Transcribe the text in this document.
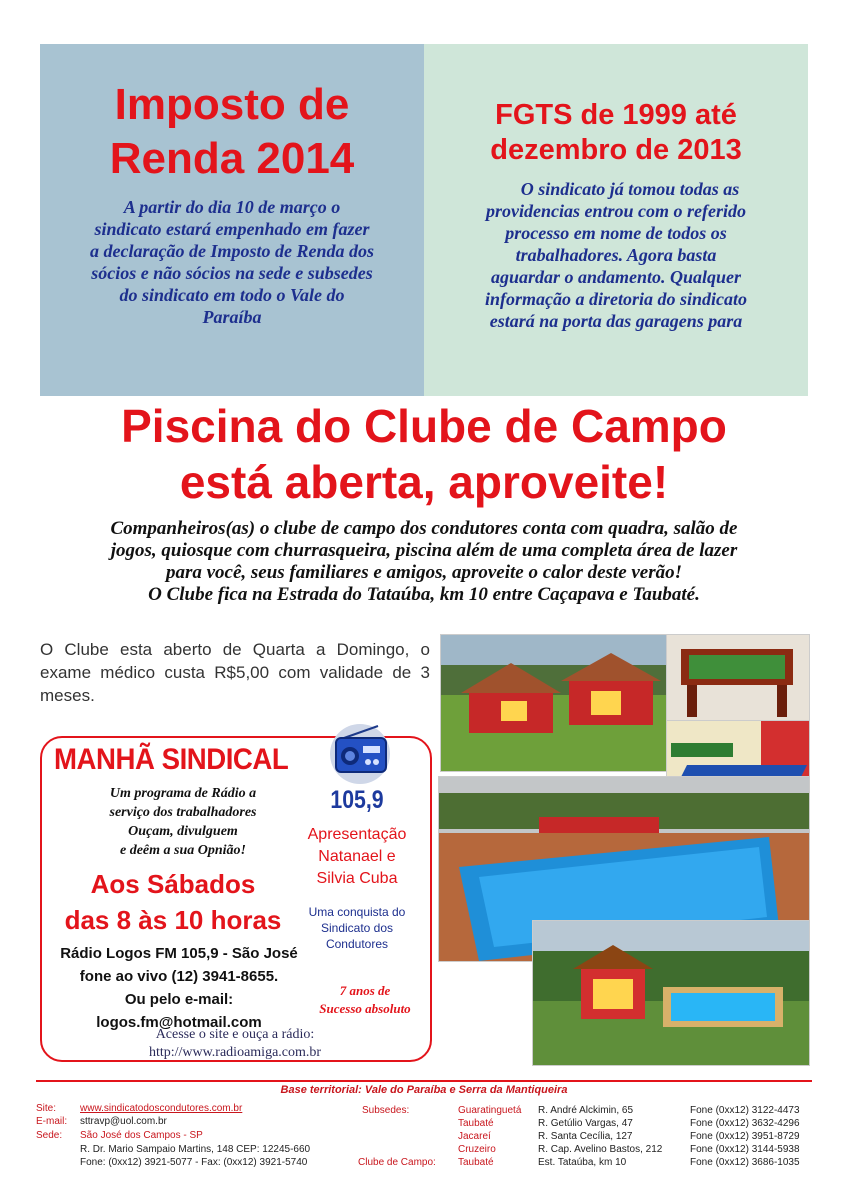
Imposto de
Renda 2014
A partir do dia 10 de março o
sindicato estará empenhado em fazer
a declaração de Imposto de Renda dos
sócios e não sócios na sede e subsedes
do sindicato em todo o Vale do
Paraíba
FGTS de 1999 até
dezembro de 2013
O sindicato já tomou todas as
providencias entrou com o referido
processo em nome de todos os
trabalhadores. Agora basta
aguardar o andamento. Qualquer
informação a diretoria do sindicato
estará na porta das garagens para
Piscina do Clube de Campo
está aberta, aproveite!
Companheiros(as) o clube de campo dos condutores conta com quadra, salão de
jogos, quiosque com churrasqueira, piscina além de uma completa área de lazer
para você, seus familiares e amigos, aproveite o calor deste verão!
O Clube fica na Estrada do Tataúba, km 10 entre Caçapava e Taubaté.
O Clube esta aberto de Quarta a Domingo, o exame médico custa R$5,00 com validade de 3 meses.
MANHÃ SINDICAL
105,9
Um programa de Rádio a
serviço dos trabalhadores
Ouçam, divulguem
e deêm a sua Opnião!
Aos Sábados
das 8 às 10 horas
Apresentação
Natanael e
Silvia Cuba
Uma conquista do
Sindicato dos
Condutores
Rádio Logos FM 105,9 - São José
fone ao vivo (12) 3941-8655.
Ou pelo e-mail:
logos.fm@hotmail.com
7 anos de
Sucesso absoluto
Acesse o site e ouça a rádio:
http://www.radioamiga.com.br
Base territorial: Vale do Paraíba e Serra da Mantiqueira
Site: www.sindicatodoscondutores.com.br
E-mail: sttravp@uol.com.br
Sede: São José dos Campos - SP
R. Dr. Mario Sampaio Martins, 148 CEP: 12245-660
Fone: (0xx12) 3921-5077 - Fax: (0xx12) 3921-5740
Subsedes:
Clube de Campo:
Guaratinguetá
Taubaté
Jacareí
Cruzeiro
Taubaté
R. André Alckimin, 65
R. Getúlio Vargas, 47
R. Santa Cecília, 127
R. Cap. Avelino Bastos, 212
Est. Tataúba, km 10
Fone (0xx12) 3122-4473
Fone (0xx12) 3632-4296
Fone (0xx12) 3951-8729
Fone (0xx12) 3144-5938
Fone (0xx12) 3686-1035
